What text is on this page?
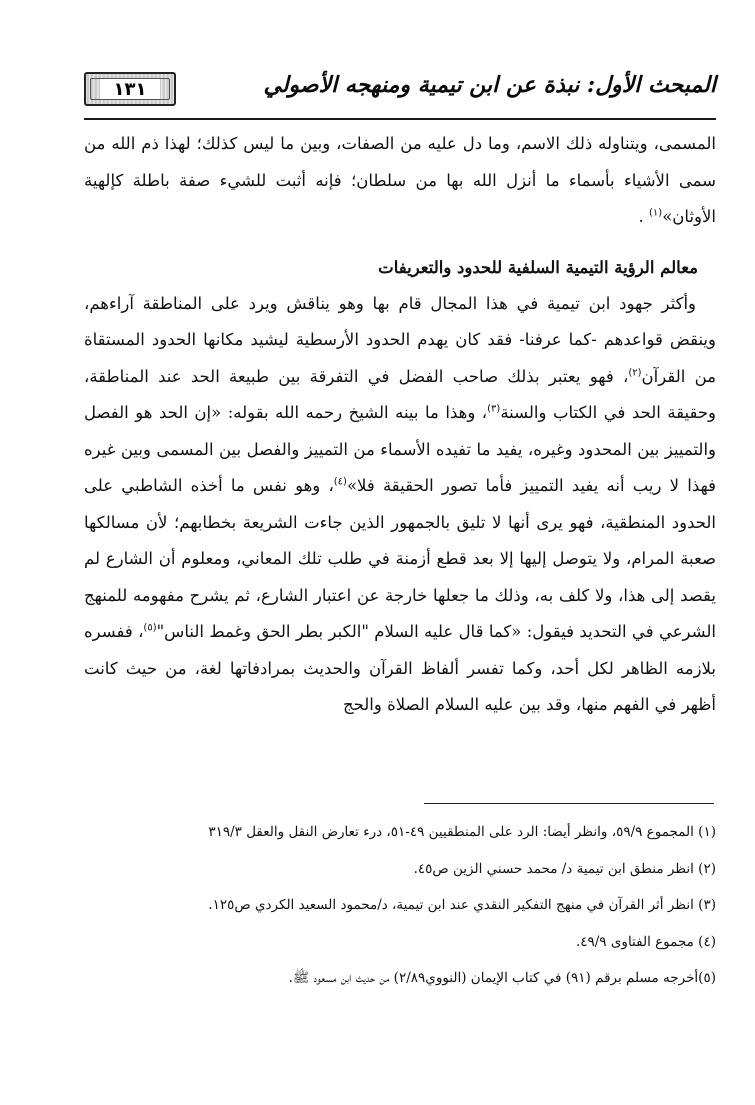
المبحث الأول: نبذة عن ابن تيمية ومنهجه الأصولي
١٣١

المسمى، ويتناوله ذلك الاسم، وما دل عليه من الصفات، وبين ما ليس كذلك؛ لهذا ذم الله من سمى الأشياء بأسماء ما أنزل الله بها من سلطان؛ فإنه أثبت للشيء صفة باطلة كإلهية الأوثان»$^{(١)}$ .

معالم الرؤية التيمية السلفية للحدود والتعريفات

وأكثر جهود ابن تيمية في هذا المجال قام بها وهو يناقش ويرد على المناطقة آراءهم، وينقض قواعدهم -كما عرفنا- فقد كان يهدم الحدود الأرسطية ليشيد مكانها الحدود المستقاة من القرآن$^{(٢)}$، فهو يعتبر بذلك صاحب الفضل في التفرقة بين طبيعة الحد عند المناطقة، وحقيقة الحد في الكتاب والسنة$^{(٣)}$، وهذا ما بينه الشيخ رحمه الله بقوله: «إن الحد هو الفصل والتمييز بين المحدود وغيره، يفيد ما تفيده الأسماء من التمييز والفصل بين المسمى وبين غيره فهذا لا ريب أنه يفيد التمييز فأما تصور الحقيقة فلا»$^{(٤)}$، وهو نفس ما أخذه الشاطبي على الحدود المنطقية، فهو يرى أنها لا تليق بالجمهور الذين جاءت الشريعة بخطابهم؛ لأن مسالكها صعبة المرام، ولا يتوصل إليها إلا بعد قطع أزمنة في طلب تلك المعاني، ومعلوم أن الشارع لم يقصد إلى هذا، ولا كلف به، وذلك ما جعلها خارجة عن اعتبار الشارع، ثم يشرح مفهومه للمنهج الشرعي في التحديد فيقول: «كما قال عليه السلام "الكبر بطر الحق وغمط الناس"$^{(٥)}$، ففسره بلازمه الظاهر لكل أحد، وكما تفسر ألفاظ القرآن والحديث بمرادفاتها لغة، من حيث كانت أظهر في الفهم منها، وقد بين عليه السلام الصلاة والحج

(١) المجموع ٥٩/٩، وانظر أيضا: الرد على المنطقيين ٤٩-٥١، درء تعارض النقل والعقل ٣١٩/٣
(٢) انظر منطق ابن تيمية د/ محمد حسني الزين ص٤٥.
(٣) انظر أثر القرآن في منهج التفكير النقدي عند ابن تيمية، د/محمود السعيد الكردي ص١٢٥.
(٤) مجموع الفتاوى ٤٩/٩.
(٥)أخرجه مسلم برقم (٩١) في كتاب الإيمان (النووي٢/٨٩) من حديث ابن مسعود ﷺ.
